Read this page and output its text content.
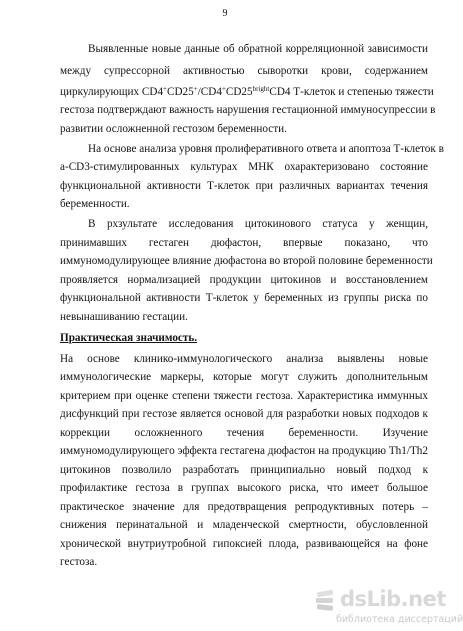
9
Выявленные новые данные об обратной корреляционной зависимости
между супрессорной активностью сыворотки крови, содержанием
циркулирующих $CD4^+CD25^+/CD4^+CD25^{bright}CD4$ Т-клеток и степенью тяжести
гестоза подтверждают важность нарушения гестационной иммуносупрессии в
развитии осложненной гестозом беременности.
На основе анализа уровня пролиферативного ответа и апоптоза Т-клеток в
а-CD3-стимулированных культурах МНК охарактеризовано состояние
функциональной активности Т-клеток при различных вариантах течения
беременности.
В рхзультате исследования цитокинового статуса у женщин,
принимавших гестаген дюфастон, впервые показано, что
иммуномодулирующее влияние дюфастона во второй половине беременности
проявляется нормализацией продукции цитокинов и восстановлением
функциональной активности Т-клеток у беременных из группы риска по
невынашиванию гестации.
Практическая значимость.
На основе клинико-иммунологического анализа выявлены новые
иммунологические маркеры, которые могут служить дополнительным
критерием при оценке степени тяжести гестоза. Характеристика иммунных
дисфункций при гестозе является основой для разработки новых подходов к
коррекции осложненного течения беременности. Изучение
иммуномодулирующего эффекта гестагена дюфастон на продукцию Th1/Th2
цитокинов позволило разработать принципиально новый подход к
профилактике гестоза в группах высокого риска, что имеет большое
практическое значение для предотвращения репродуктивных потерь –
снижения перинатальной и младенческой смертности, обусловленной
хронической внутриутробной гипоксией плода, развивающейся на фоне
гестоза.
dsLib.net
библиотека диссертаций
